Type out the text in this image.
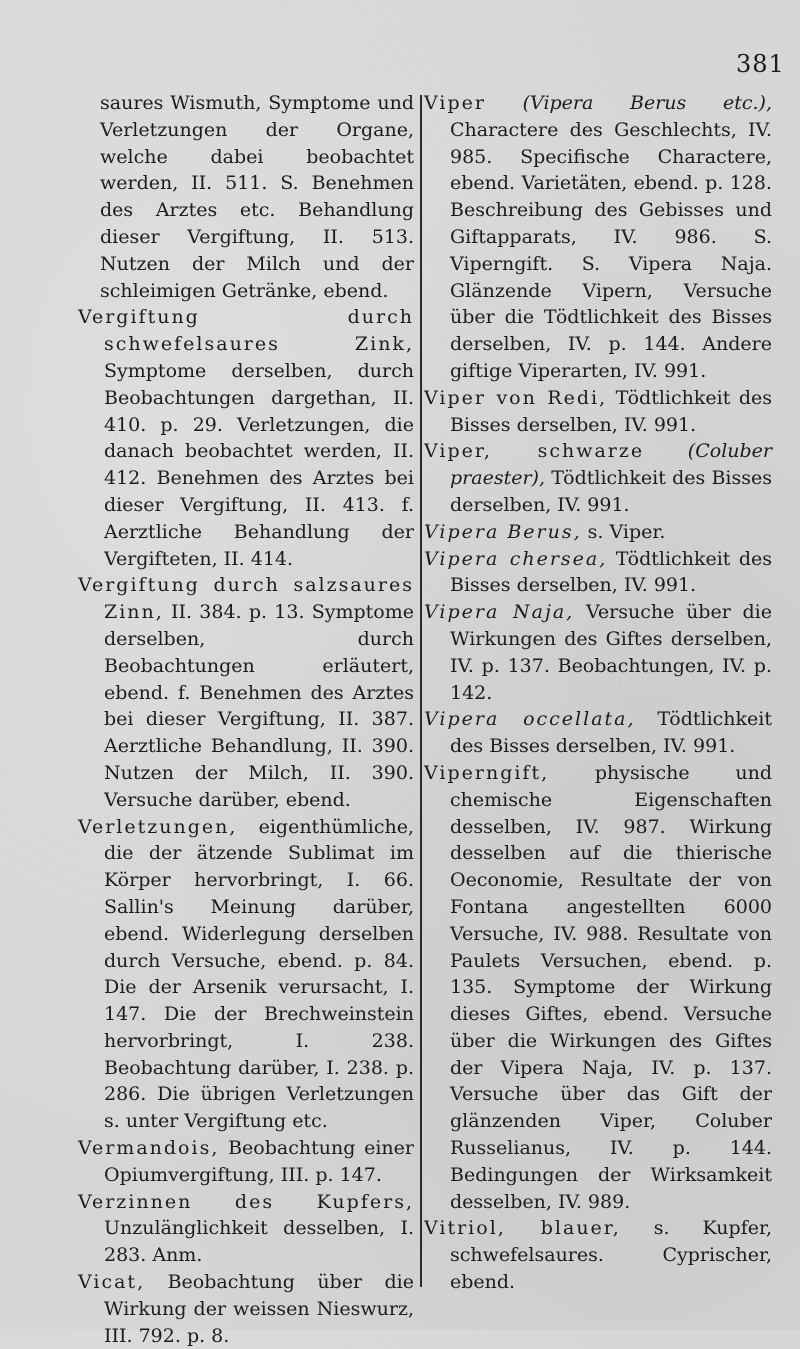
381

saures Wismuth, Symptome und Verletzungen der Organe, welche dabei beobachtet werden, II. 511. S. Benehmen des Arztes etc. Behandlung dieser Vergiftung, II. 513. Nutzen der Milch und der schleimigen Getränke, ebend.

Vergiftung durch schwefelsaures Zink, Symptome derselben, durch Beobachtungen dargethan, II. 410. p. 29. Verletzungen, die danach beobachtet werden, II. 412. Benehmen des Arztes bei dieser Vergiftung, II. 413. f. Aerztliche Behandlung der Vergifteten, II. 414.

Vergiftung durch salzsaures Zinn, II. 384. p. 13. Symptome derselben, durch Beobachtungen erläutert, ebend. f. Benehmen des Arztes bei dieser Vergiftung, II. 387. Aerztliche Behandlung, II. 390. Nutzen der Milch, II. 390. Versuche darüber, ebend.

Verletzungen, eigenthümliche, die der ätzende Sublimat im Körper hervorbringt, I. 66. Sallin's Meinung darüber, ebend. Widerlegung derselben durch Versuche, ebend. p. 84. Die der Arsenik verursacht, I. 147. Die der Brechweinstein hervorbringt, I. 238. Beobachtung darüber, I. 238. p. 286. Die übrigen Verletzungen s. unter Vergiftung etc.

Vermandois, Beobachtung einer Opiumvergiftung, III. p. 147.

Verzinnen des Kupfers, Unzulänglichkeit desselben, I. 283. Anm.

Vicat, Beobachtung über die Wirkung der weissen Nieswurz, III. 792. p. 8.

Viper (Vipera Berus etc.), Charactere des Geschlechts, IV. 985. Specifische Charactere, ebend. Varietäten, ebend. p. 128. Beschreibung des Gebisses und Giftapparats, IV. 986. S. Viperngift. S. Vipera Naja. Glänzende Vipern, Versuche über die Tödtlichkeit des Bisses derselben, IV. p. 144. Andere giftige Viperarten, IV. 991.

Viper von Redi, Tödtlichkeit des Bisses derselben, IV. 991.

Viper, schwarze (Coluber praester), Tödtlichkeit des Bisses derselben, IV. 991.

Vipera Berus, s. Viper.

Vipera chersea, Tödtlichkeit des Bisses derselben, IV. 991.

Vipera Naja, Versuche über die Wirkungen des Giftes derselben, IV. p. 137. Beobachtungen, IV. p. 142.

Vipera occellata, Tödtlichkeit des Bisses derselben, IV. 991.

Viperngift, physische und chemische Eigenschaften desselben, IV. 987. Wirkung desselben auf die thierische Oeconomie, Resultate der von Fontana angestellten 6000 Versuche, IV. 988. Resultate von Paulets Versuchen, ebend. p. 135. Symptome der Wirkung dieses Giftes, ebend. Versuche über die Wirkungen des Giftes der Vipera Naja, IV. p. 137. Versuche über das Gift der glänzenden Viper, Coluber Russelianus, IV. p. 144. Bedingungen der Wirksamkeit desselben, IV. 989.

Vitriol, blauer, s. Kupfer, schwefelsaures. Cyprischer, ebend.
